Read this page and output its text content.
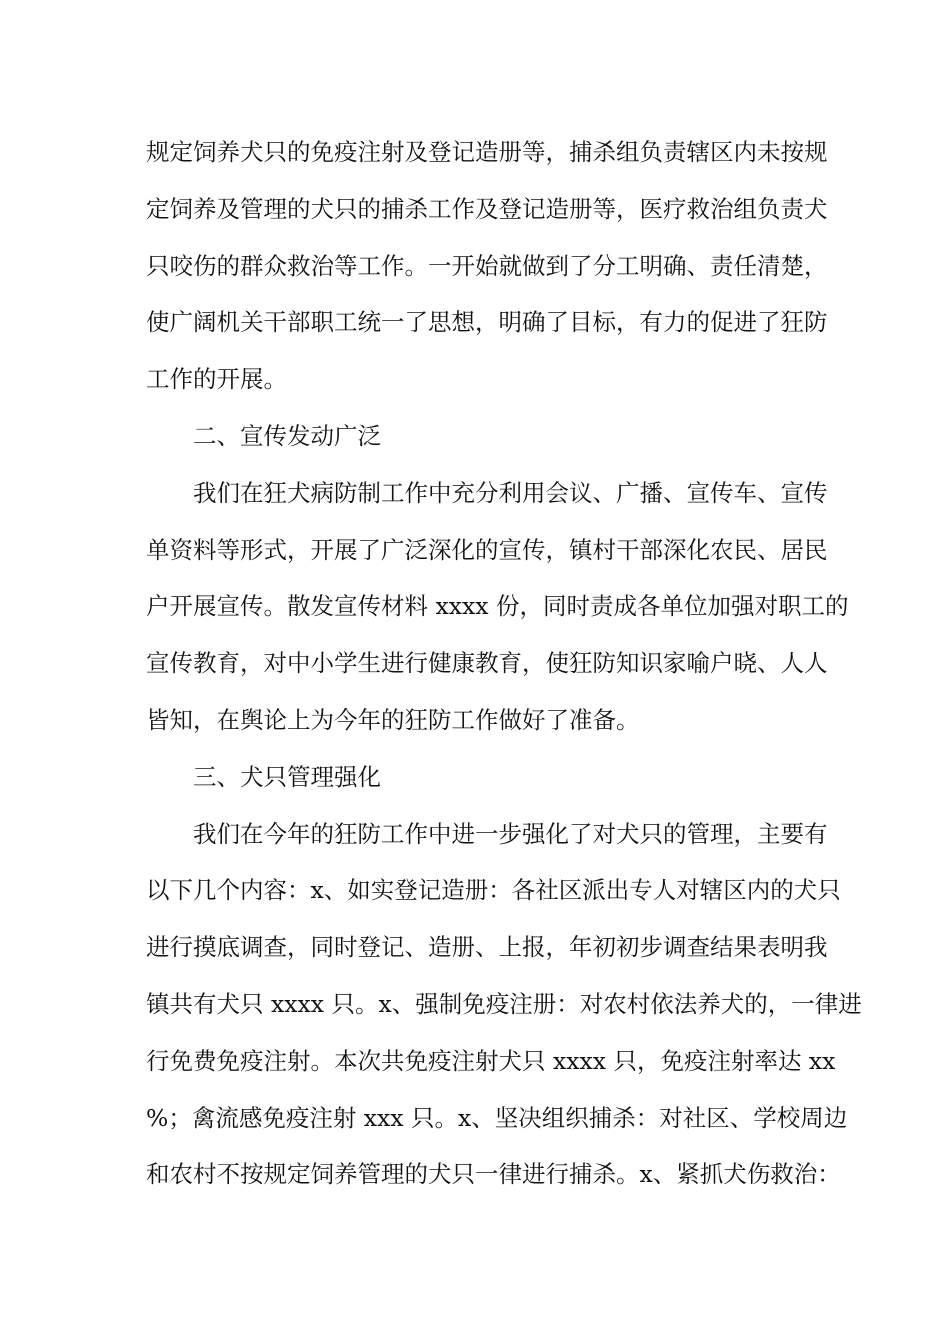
规定饲养犬只的免疫注射及登记造册等，捕杀组负责辖区内未按规
定饲养及管理的犬只的捕杀工作及登记造册等，医疗救治组负责犬
只咬伤的群众救治等工作。一开始就做到了分工明确、责任清楚，
使广阔机关干部职工统一了思想，明确了目标，有力的促进了狂防
工作的开展。
二、宣传发动广泛
我们在狂犬病防制工作中充分利用会议、广播、宣传车、宣传
单资料等形式，开展了广泛深化的宣传，镇村干部深化农民、居民
户开展宣传。散发宣传材料 xxxx 份，同时责成各单位加强对职工的
宣传教育，对中小学生进行健康教育，使狂防知识家喻户晓、人人
皆知，在舆论上为今年的狂防工作做好了准备。
三、犬只管理强化
我们在今年的狂防工作中进一步强化了对犬只的管理，主要有
以下几个内容：x、如实登记造册：各社区派出专人对辖区内的犬只
进行摸底调查，同时登记、造册、上报，年初初步调查结果表明我
镇共有犬只 xxxx 只。x、强制免疫注册：对农村依法养犬的，一律进
行免费免疫注射。本次共免疫注射犬只 xxxx 只，免疫注射率达 xx
%；禽流感免疫注射 xxx 只。x、坚决组织捕杀：对社区、学校周边
和农村不按规定饲养管理的犬只一律进行捕杀。x、紧抓犬伤救治：
